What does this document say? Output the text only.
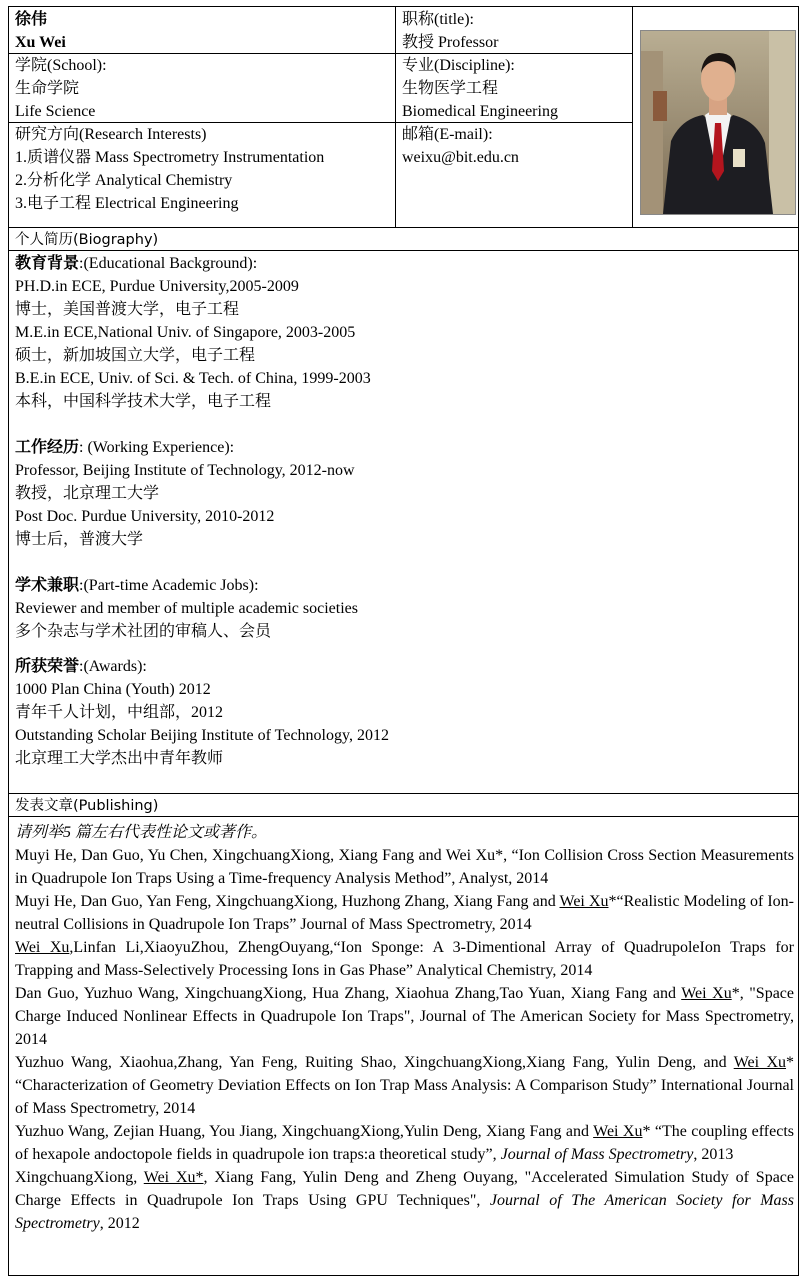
徐伟
Xu Wei
职称(title):
教授 Professor
学院(School):
生命学院
Life Science
专业(Discipline):
生物医学工程
Biomedical Engineering
研究方向(Research Interests)
1.质谱仪器 Mass Spectrometry Instrumentation
2.分析化学 Analytical Chemistry
3.电子工程 Electrical Engineering
邮箱(E-mail):
weixu@bit.edu.cn
个人简历(Biography)
教育背景:(Educational Background):
PH.D.in ECE, Purdue University,2005-2009
博士，美国普渡大学，电子工程
M.E.in ECE,National Univ. of Singapore, 2003-2005
硕士，新加坡国立大学，电子工程
B.E.in ECE, Univ. of Sci. & Tech. of China, 1999-2003
本科，中国科学技术大学，电子工程
工作经历: (Working Experience):
Professor, Beijing Institute of Technology, 2012-now
教授，北京理工大学
Post Doc. Purdue University, 2010-2012
博士后，普渡大学
学术兼职:(Part-time Academic Jobs):
Reviewer and member of multiple academic societies
多个杂志与学术社团的审稿人、会员
所获荣誉:(Awards):
1000 Plan China (Youth) 2012
青年千人计划，中组部，2012
Outstanding Scholar Beijing Institute of Technology, 2012
北京理工大学杰出中青年教师
发表文章(Publishing)
请列举5 篇左右代表性论文或著作。
Muyi He, Dan Guo, Yu Chen, XingchuangXiong, Xiang Fang and Wei Xu*, “Ion Collision Cross Section Measurements in Quadrupole Ion Traps Using a Time-frequency Analysis Method”, Analyst, 2014
Muyi He, Dan Guo, Yan Feng, XingchuangXiong, Huzhong Zhang, Xiang Fang and Wei Xu*“Realistic Modeling of Ion-neutral Collisions in Quadrupole Ion Traps” Journal of Mass Spectrometry, 2014
Wei Xu,Linfan Li,XiaoyuZhou, ZhengOuyang,“Ion Sponge: A 3-Dimentional Array of QuadrupoleIon Traps for Trapping and Mass-Selectively Processing Ions in Gas Phase” Analytical Chemistry, 2014
Dan Guo, Yuzhuo Wang, XingchuangXiong, Hua Zhang, Xiaohua Zhang,Tao Yuan, Xiang Fang and Wei Xu*, "Space Charge Induced Nonlinear Effects in Quadrupole Ion Traps", Journal of The American Society for Mass Spectrometry, 2014
Yuzhuo Wang, Xiaohua,Zhang, Yan Feng, Ruiting Shao, XingchuangXiong,Xiang Fang, Yulin Deng, and Wei Xu* “Characterization of Geometry Deviation Effects on Ion Trap Mass Analysis: A Comparison Study” International Journal of Mass Spectrometry, 2014
Yuzhuo Wang, Zejian Huang, You Jiang, XingchuangXiong,Yulin Deng, Xiang Fang and Wei Xu* “The coupling effects of hexapole andoctopole fields in quadrupole ion traps:a theoretical study”, Journal of Mass Spectrometry, 2013
XingchuangXiong, Wei Xu*, Xiang Fang, Yulin Deng and Zheng Ouyang, "Accelerated Simulation Study of Space Charge Effects in Quadrupole Ion Traps Using GPU Techniques", Journal of The American Society for Mass Spectrometry, 2012
